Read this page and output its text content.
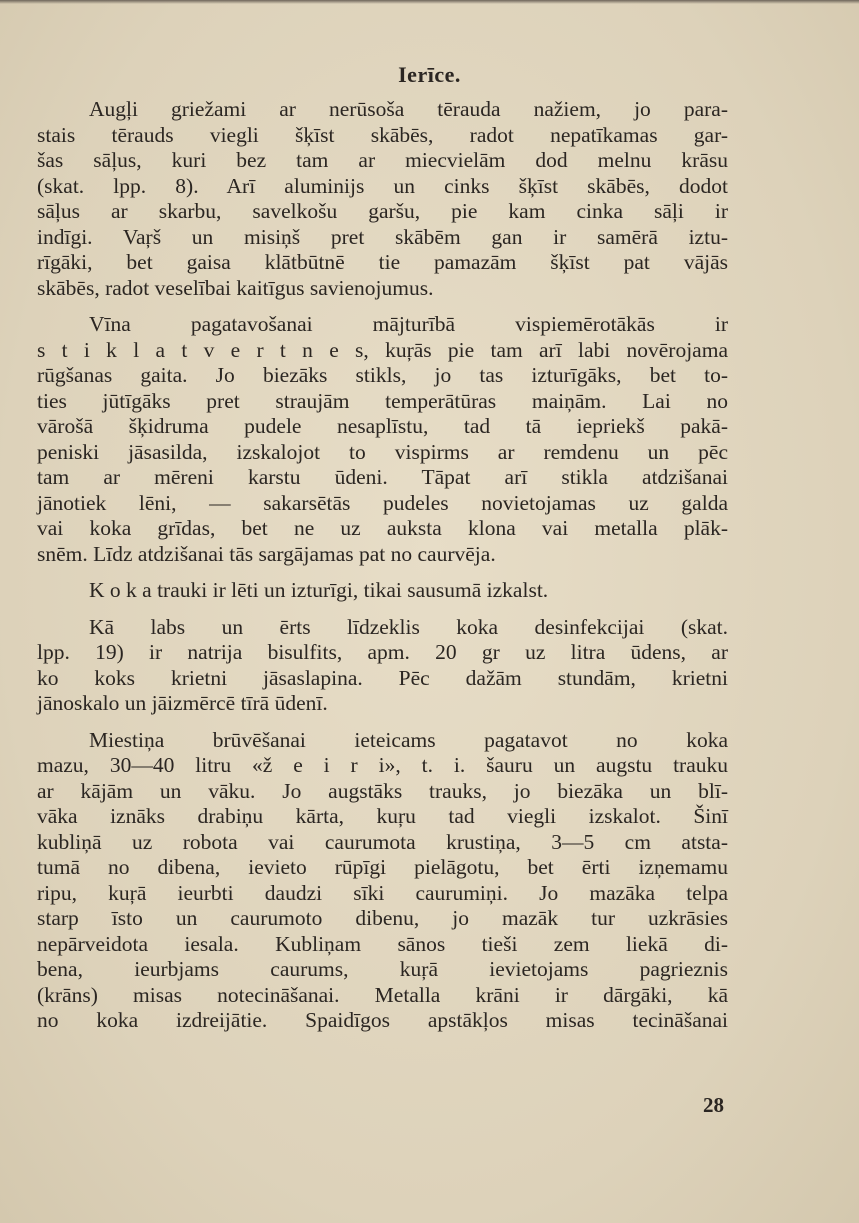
Ierīce.
Augļi griežami ar nerūsoša tērauda nažiem, jo para-
stais tērauds viegli šķīst skābēs, radot nepatīkamas gar-
šas sāļus, kuri bez tam ar miecvielām dod melnu krāsu
(skat. lpp. 8). Arī aluminijs un cinks šķīst skābēs, dodot
sāļus ar skarbu, savelkošu garšu, pie kam cinka sāļi ir
indīgi. Vaŗš un misiņš pret skābēm gan ir samērā iztu-
rīgāki, bet gaisa klātbūtnē tie pamazām šķīst pat vājās
skābēs, radot veselībai kaitīgus savienojumus.
Vīna pagatavošanai mājturībā vispiemērotākās ir
s t i k l a t v e r t n e s, kuŗās pie tam arī labi novērojama
rūgšanas gaita. Jo biezāks stikls, jo tas izturīgāks, bet to-
ties jūtīgāks pret straujām temperātūras maiņām. Lai no
vārošā šķidruma pudele nesaplīstu, tad tā iepriekš pakā-
peniski jāsasilda, izskalojot to vispirms ar remdenu un pēc
tam ar mēreni karstu ūdeni. Tāpat arī stikla atdzišanai
jānotiek lēni, — sakarsētās pudeles novietojamas uz galda
vai koka grīdas, bet ne uz auksta klona vai metalla plāk-
snēm. Līdz atdzišanai tās sargājamas pat no caurvēja.
K o k a trauki ir lēti un izturīgi, tikai sausumā izkalst.
Kā labs un ērts līdzeklis koka desinfekcijai (skat.
lpp. 19) ir natrija bisulfits, apm. 20 gr uz litra ūdens, ar
ko koks krietni jāsaslapina. Pēc dažām stundām, krietni
jānoskalo un jāizmērcē tīrā ūdenī.
Miestiņa brūvēšanai ieteicams pagatavot no koka
mazu, 30—40 litru «ž e i r i», t. i. šauru un augstu trauku
ar kājām un vāku. Jo augstāks trauks, jo biezāka un blī-
vāka iznāks drabiņu kārta, kuŗu tad viegli izskalot. Šinī
kubliņā uz robota vai caurumota krustiņa, 3—5 cm atsta-
tumā no dibena, ievieto rūpīgi pielāgotu, bet ērti izņemamu
ripu, kuŗā ieurbti daudzi sīki caurumiņi. Jo mazāka telpa
starp īsto un caurumoto dibenu, jo mazāk tur uzkrāsies
nepārveidota iesala. Kubliņam sānos tieši zem liekā di-
bena, ieurbjams caurums, kuŗā ievietojams pagrieznis
(krāns) misas notecināšanai. Metalla krāni ir dārgāki, kā
no koka izdreijātie. Spaidīgos apstākļos misas tecināšanai
28
